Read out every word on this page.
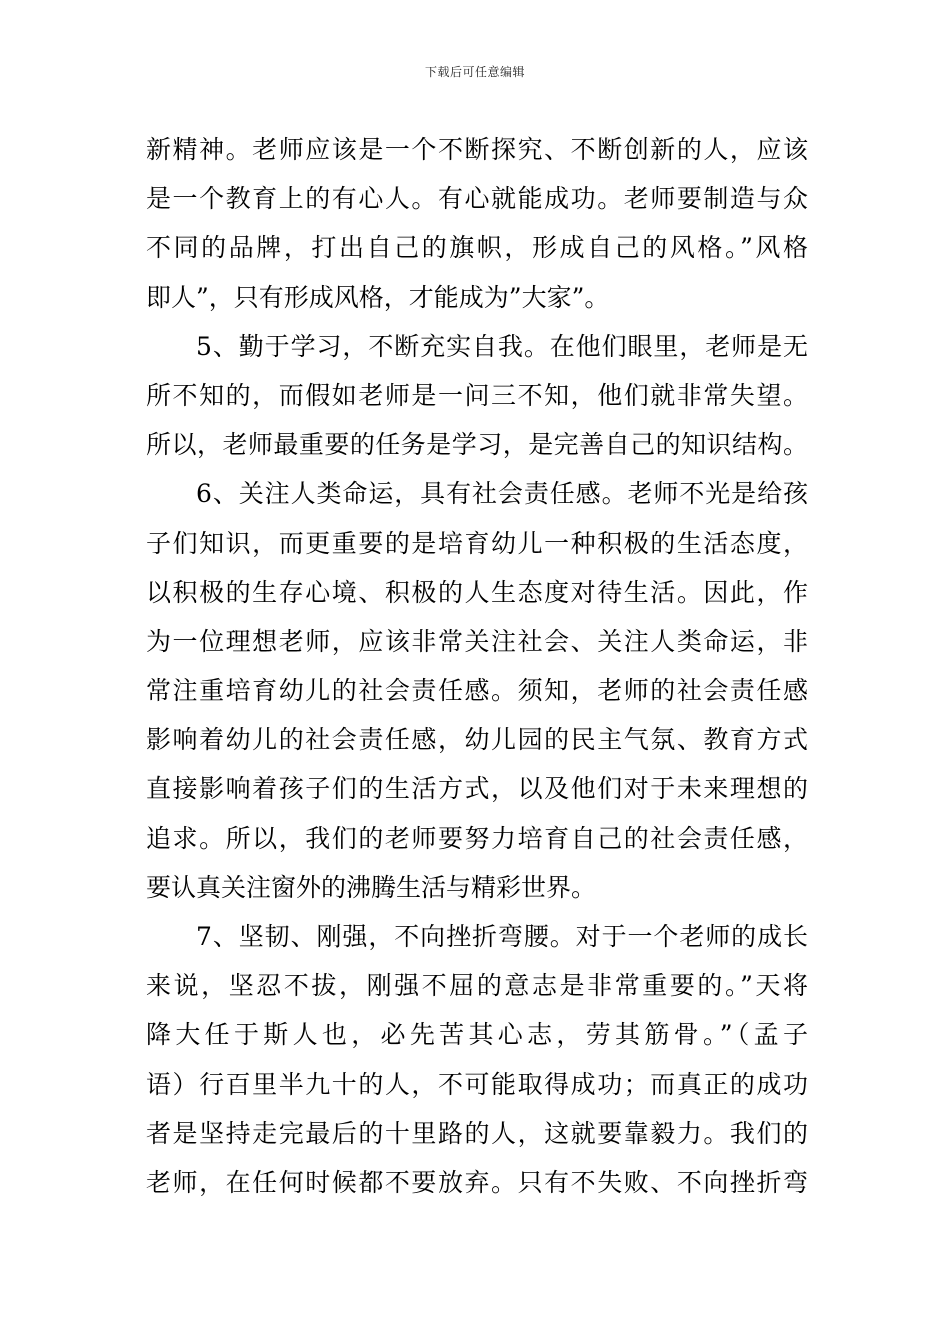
下载后可任意编辑
新精神。老师应该是一个不断探究、不断创新的人，应该
是一个教育上的有心人。有心就能成功。老师要制造与众
不同的品牌，打出自己的旗帜，形成自己的风格。”风格
即人”，只有形成风格，才能成为”大家”。
5、勤于学习，不断充实自我。在他们眼里，老师是无
所不知的，而假如老师是一问三不知，他们就非常失望。
所以，老师最重要的任务是学习，是完善自己的知识结构。
6、关注人类命运，具有社会责任感。老师不光是给孩
子们知识，而更重要的是培育幼儿一种积极的生活态度，
以积极的生存心境、积极的人生态度对待生活。因此，作
为一位理想老师，应该非常关注社会、关注人类命运，非
常注重培育幼儿的社会责任感。须知，老师的社会责任感
影响着幼儿的社会责任感，幼儿园的民主气氛、教育方式
直接影响着孩子们的生活方式，以及他们对于未来理想的
追求。所以，我们的老师要努力培育自己的社会责任感，
要认真关注窗外的沸腾生活与精彩世界。
7、坚韧、刚强，不向挫折弯腰。对于一个老师的成长
来说，坚忍不拔，刚强不屈的意志是非常重要的。”天将
降大任于斯人也，必先苦其心志，劳其筋骨。”（孟子
语）行百里半九十的人，不可能取得成功；而真正的成功
者是坚持走完最后的十里路的人，这就要靠毅力。我们的
老师，在任何时候都不要放弃。只有不失败、不向挫折弯
